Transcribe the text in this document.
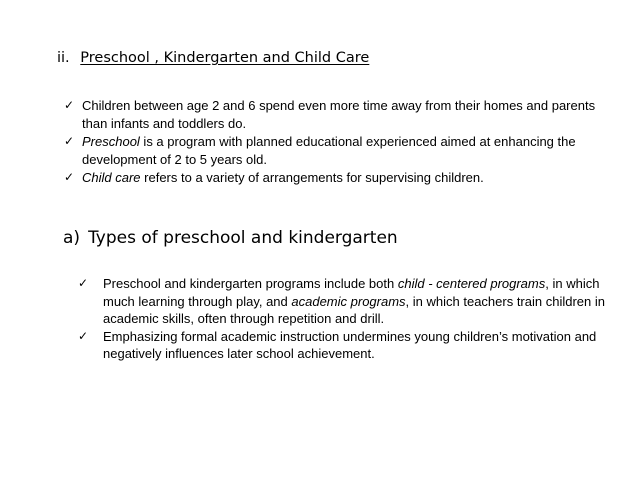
ii. Preschool , Kindergarten and Child Care
✓ Children between age 2 and 6 spend even more time away from their homes and parents than infants and toddlers do.
✓ Preschool is a program with planned educational experienced aimed at enhancing the development of 2 to 5 years old.
✓ Child care refers to a variety of arrangements for supervising children.
a) Types of preschool and kindergarten
✓ Preschool and kindergarten programs include both child - centered programs, in which much learning through play, and academic programs, in which teachers train children in academic skills, often through repetition and drill.
✓ Emphasizing formal academic instruction undermines young children’s motivation and negatively influences later school achievement.
